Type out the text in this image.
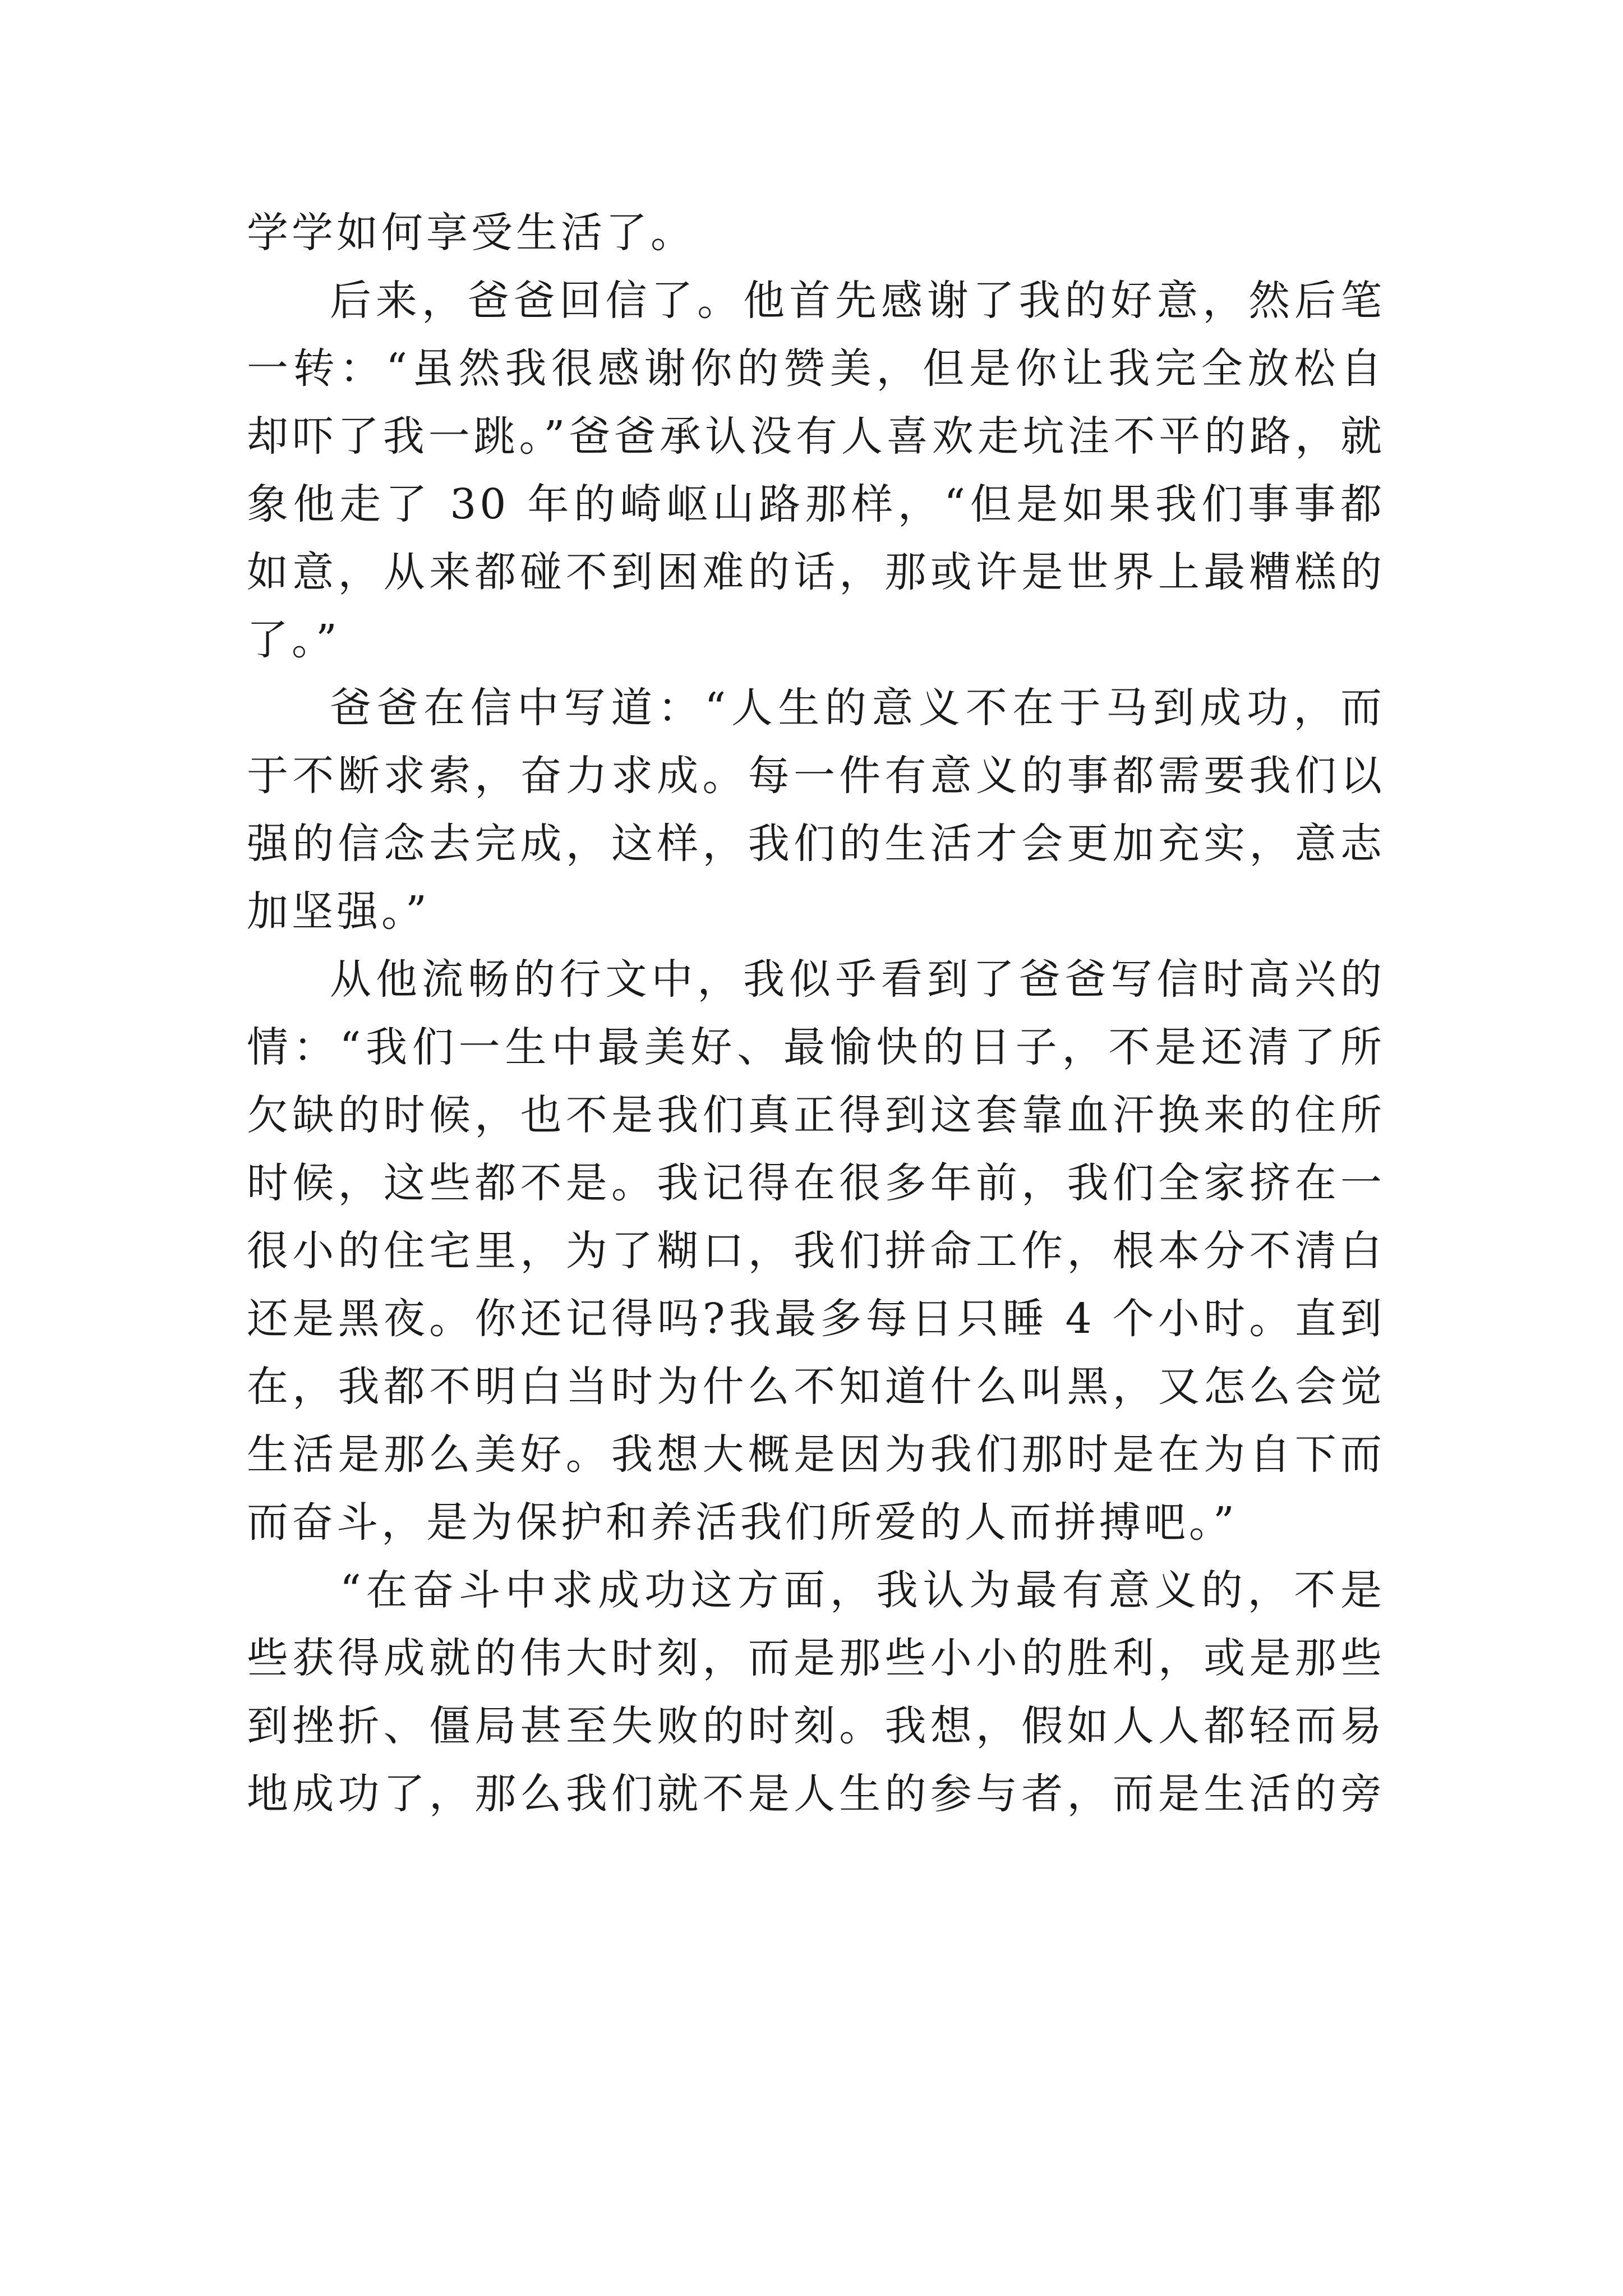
学学如何享受生活了。
后来，爸爸回信了。他首先感谢了我的好意，然后笔
一转：“虽然我很感谢你的赞美，但是你让我完全放松自
却吓了我一跳。”爸爸承认没有人喜欢走坑洼不平的路，就
象他走了 30 年的崎岖山路那样，“但是如果我们事事都
如意，从来都碰不到困难的话，那或许是世界上最糟糕的
了。”
爸爸在信中写道：“人生的意义不在于马到成功，而
于不断求索，奋力求成。每一件有意义的事都需要我们以
强的信念去完成，这样，我们的生活才会更加充实，意志
加坚强。”
从他流畅的行文中，我似乎看到了爸爸写信时高兴的
情：“我们一生中最美好、最愉快的日子，不是还清了所
欠缺的时候，也不是我们真正得到这套靠血汗换来的住所
时候，这些都不是。我记得在很多年前，我们全家挤在一
很小的住宅里，为了糊口，我们拼命工作，根本分不清白
还是黑夜。你还记得吗?我最多每日只睡 4 个小时。直到
在，我都不明白当时为什么不知道什么叫黑，又怎么会觉
生活是那么美好。我想大概是因为我们那时是在为自下而
而奋斗，是为保护和养活我们所爱的人而拼搏吧。”
“在奋斗中求成功这方面，我认为最有意义的，不是
些获得成就的伟大时刻，而是那些小小的胜利，或是那些
到挫折、僵局甚至失败的时刻。我想，假如人人都轻而易
地成功了，那么我们就不是人生的参与者，而是生活的旁
